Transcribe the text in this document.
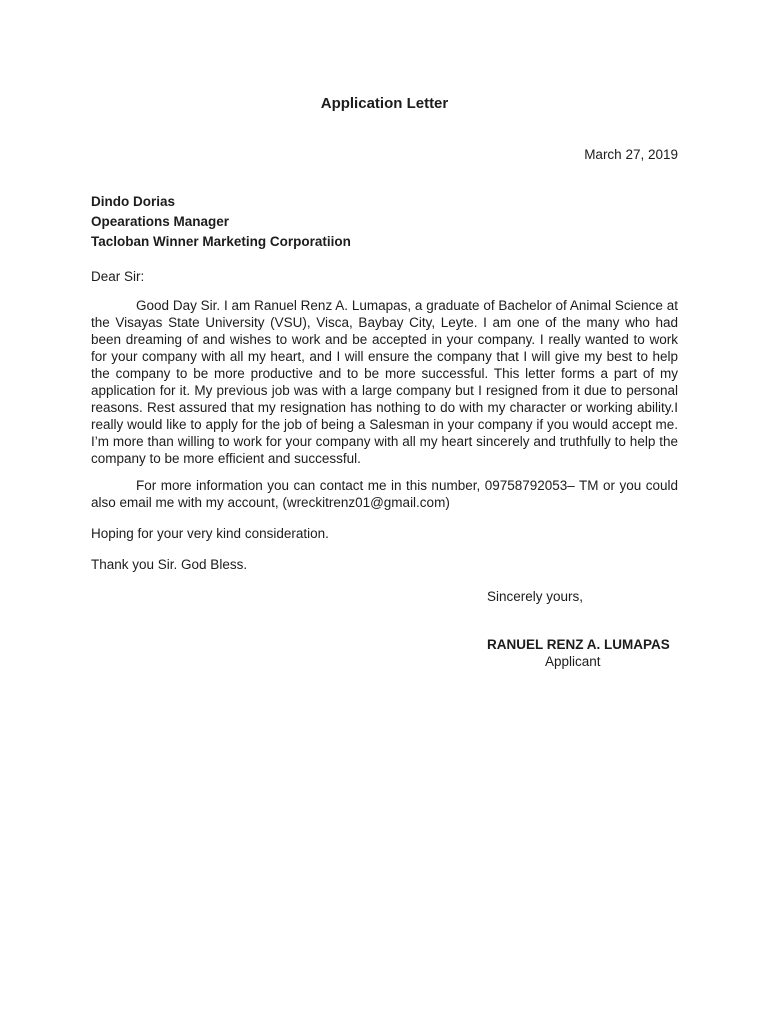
Application Letter
March 27, 2019
Dindo Dorias
Opearations Manager
Tacloban Winner Marketing Corporatiion
Dear Sir:

Good Day Sir. I am Ranuel Renz A. Lumapas, a graduate of Bachelor of Animal Science at the Visayas State University (VSU), Visca, Baybay City, Leyte. I am one of the many who had been dreaming of and wishes to work and be accepted in your company. I really wanted to work for your company with all my heart, and I will ensure the company that I will give my best to help the company to be more productive and to be more successful. This letter forms a part of my application for it. My previous job was with a large company but I resigned from it due to personal reasons. Rest assured that my resignation has nothing to do with my character or working ability.I really would like to apply for the job of being a Salesman in your company if you would accept me. I’m more than willing to work for your company with all my heart sincerely and truthfully to help the company to be more efficient and successful.

For more information you can contact me in this number, 09758792053– TM or you could also email me with my account, (wreckitrenz01@gmail.com)

Hoping for your very kind consideration.
Thank you Sir. God Bless.
Sincerely yours,
RANUEL RENZ A. LUMAPAS
Applicant
